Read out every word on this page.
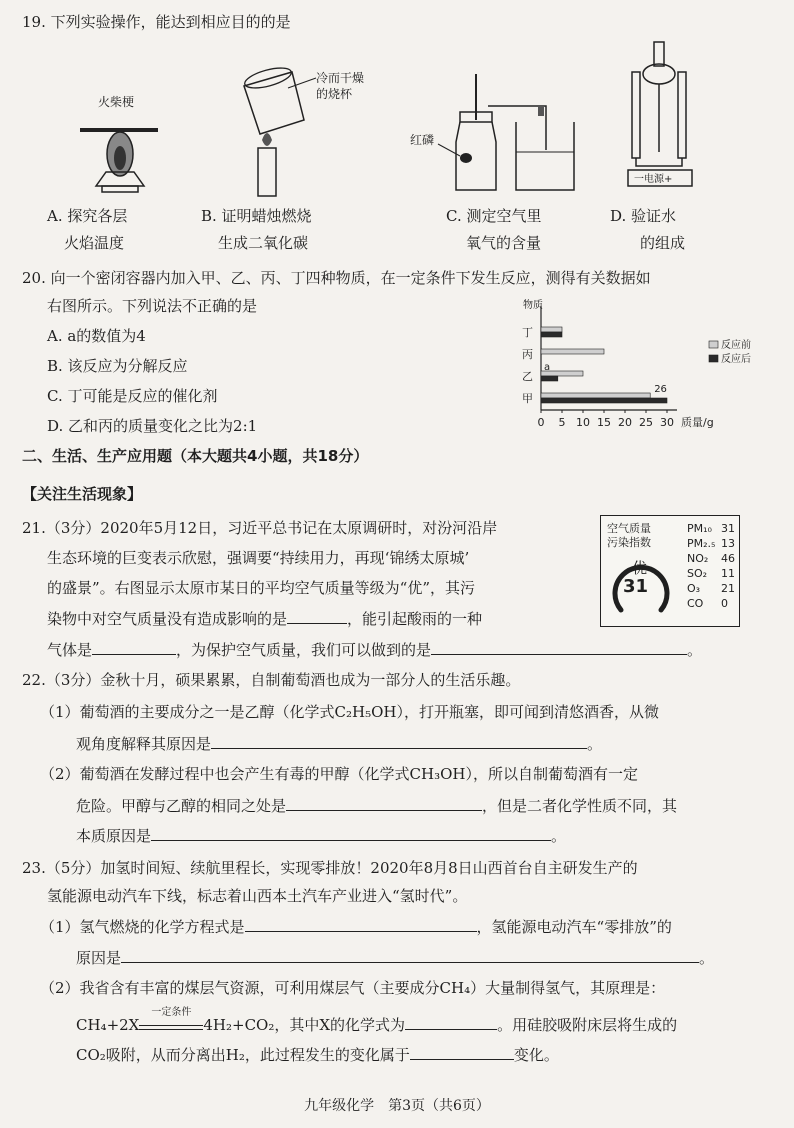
19. 下列实验操作，能达到相应目的的是
火柴梗
冷而干燥
的烧杯
红磷
一电源+
A. 探究各层
火焰温度
B. 证明蜡烛燃烧
生成二氧化碳
C. 测定空气里
氧气的含量
D. 验证水
的组成
20. 向一个密闭容器内加入甲、乙、丙、丁四种物质，在一定条件下发生反应，测得有关数据如
右图所示。下列说法不正确的是
A. a的数值为4
B. 该反应为分解反应
C. 丁可能是反应的催化剂
D. 乙和丙的质量变化之比为2:1
物质
0 5 10 15 20 25 30 质量/g
甲
乙
丙
丁
a
26
反应前
反应后
二、生活、生产应用题（本大题共4小题，共18分）
【关注生活现象】
21.（3分）2020年5月12日，习近平总书记在太原调研时，对汾河沿岸
生态环境的巨变表示欣慰，强调要“持续用力，再现‘锦绣太原城’
的盛景”。右图显示太原市某日的平均空气质量等级为“优”，其污
染物中对空气质量没有造成影响的是	，能引起酸雨的一种
气体是	，为保护空气质量，我们可以做到的是	。
空气质量
污染指数
优
31
PM₁₀ 31
PM₂.₅ 13
NO₂ 46
SO₂ 11
O₃ 21
CO 0
22.（3分）金秋十月，硕果累累，自制葡萄酒也成为一部分人的生活乐趣。
（1）葡萄酒的主要成分之一是乙醇（化学式C₂H₅OH），打开瓶塞，即可闻到清悠酒香，从微
观角度解释其原因是	。
（2）葡萄酒在发酵过程中也会产生有毒的甲醇（化学式CH₃OH），所以自制葡萄酒有一定
危险。甲醇与乙醇的相同之处是	，但是二者化学性质不同，其
本质原因是	。
23.（5分）加氢时间短、续航里程长，实现零排放！2020年8月8日山西首台自主研发生产的
氢能源电动汽车下线，标志着山西本土汽车产业进入“氢时代”。
（1）氢气燃烧的化学方程式是	，氢能源电动汽车“零排放”的
原因是	。
（2）我省含有丰富的煤层气资源，可利用煤层气（主要成分CH₄）大量制得氢气，其原理是：
CH₄+2X
一定条件
4H₂+CO₂，其中X的化学式为	。用硅胶吸附床层将生成的
CO₂吸附，从而分离出H₂，此过程发生的变化属于	变化。
九年级化学　第3页（共6页）
